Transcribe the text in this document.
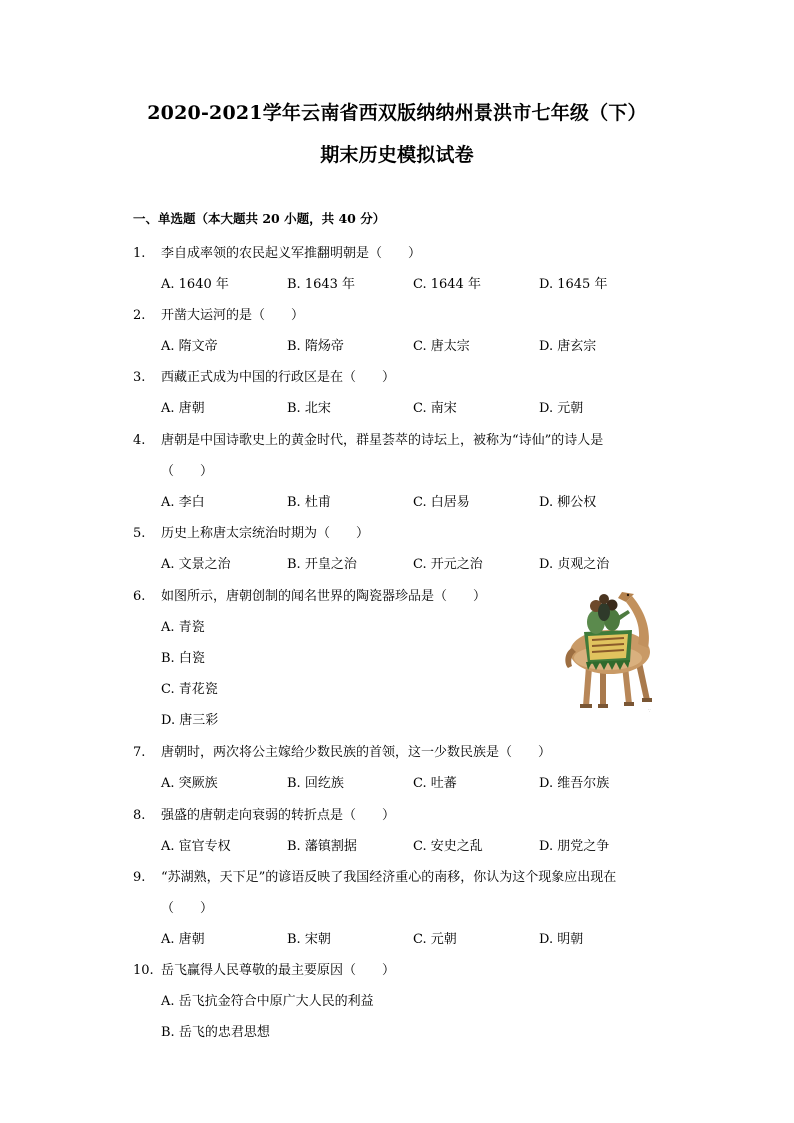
2020-2021学年云南省西双版纳纳州景洪市七年级（下）
期末历史模拟试卷
一、单选题（本大题共 20 小题，共 40 分）
1. 李自成率领的农民起义军推翻明朝是（　　）
A. 1640 年	B. 1643 年	C. 1644 年	D. 1645 年
2. 开凿大运河的是（　　）
A. 隋文帝	B. 隋炀帝	C. 唐太宗	D. 唐玄宗
3. 西藏正式成为中国的行政区是在（　　）
A. 唐朝	B. 北宋	C. 南宋	D. 元朝
4. 唐朝是中国诗歌史上的黄金时代，群星荟萃的诗坛上，被称为“诗仙”的诗人是
（　　）
A. 李白	B. 杜甫	C. 白居易	D. 柳公权
5. 历史上称唐太宗统治时期为（　　）
A. 文景之治	B. 开皇之治	C. 开元之治	D. 贞观之治
6. 如图所示，唐朝创制的闻名世界的陶瓷器珍品是（　　）
A. 青瓷
B. 白瓷
C. 青花瓷
D. 唐三彩
∵
7. 唐朝时，两次将公主嫁给少数民族的首领，这一少数民族是（　　）
A. 突厥族	B. 回纥族	C. 吐蕃	D. 维吾尔族
8. 强盛的唐朝走向衰弱的转折点是（　　）
A. 宦官专权	B. 藩镇割据	C. 安史之乱	D. 朋党之争
9. “苏湖熟，天下足”的谚语反映了我国经济重心的南移，你认为这个现象应出现在
（　　）
A. 唐朝	B. 宋朝	C. 元朝	D. 明朝
10. 岳飞赢得人民尊敬的最主要原因（　　）
A. 岳飞抗金符合中原广大人民的利益
B. 岳飞的忠君思想
